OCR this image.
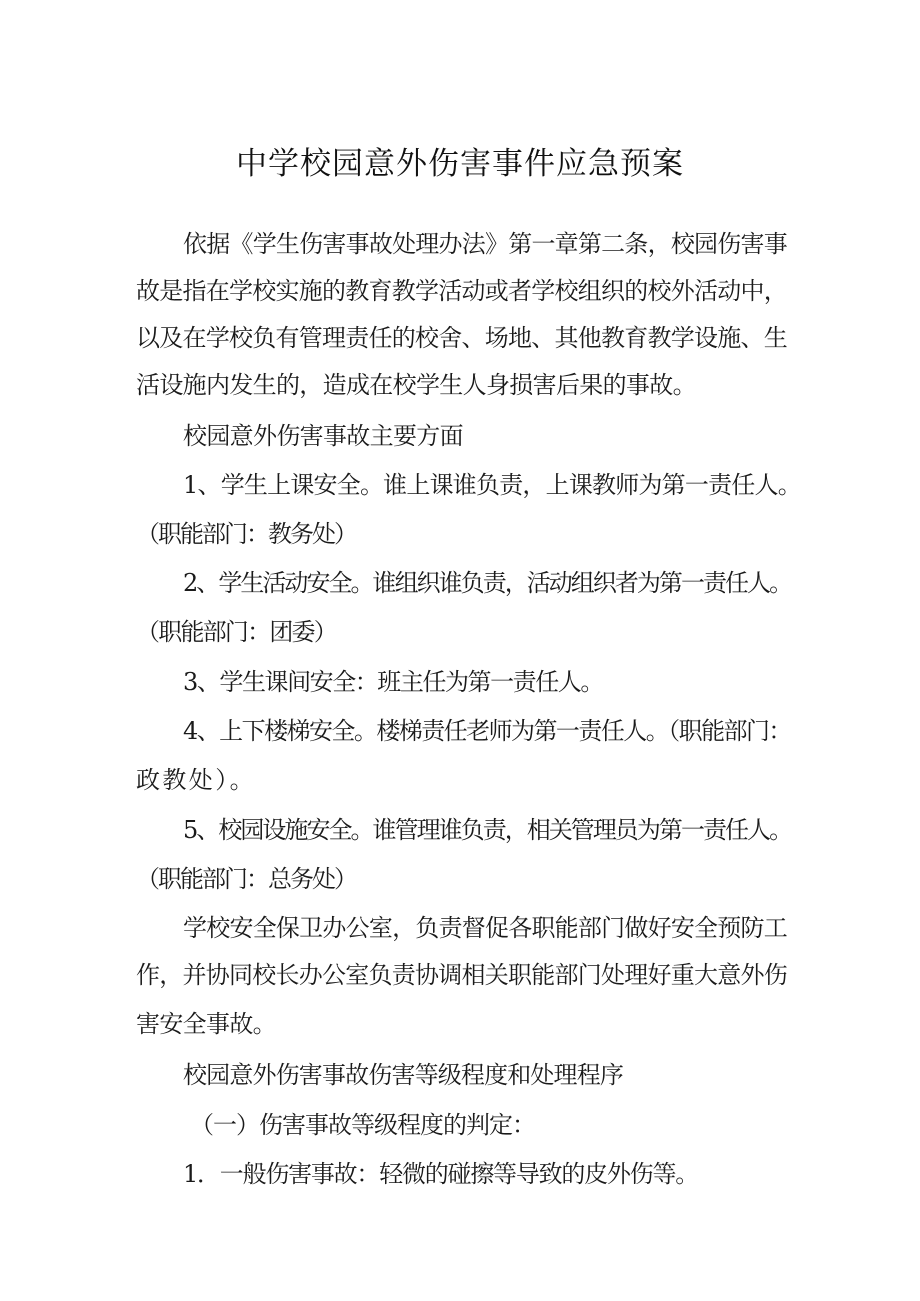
中学校园意外伤害事件应急预案
依据《学生伤害事故处理办法》第一章第二条，校园伤害事
故是指在学校实施的教育教学活动或者学校组织的校外活动中，
以及在学校负有管理责任的校舍、场地、其他教育教学设施、生
活设施内发生的，造成在校学生人身损害后果的事故。
校园意外伤害事故主要方面
1、学生上课安全。谁上课谁负责，上课教师为第一责任人。
（职能部门：教务处）
2、学生活动安全。谁组织谁负责，活动组织者为第一责任人。
（职能部门：团委）
3、学生课间安全：班主任为第一责任人。
4、上下楼梯安全。楼梯责任老师为第一责任人。（职能部门：
政教处）。
5、校园设施安全。谁管理谁负责，相关管理员为第一责任人。
（职能部门：总务处）
学校安全保卫办公室，负责督促各职能部门做好安全预防工
作，并协同校长办公室负责协调相关职能部门处理好重大意外伤
害安全事故。
校园意外伤害事故伤害等级程度和处理程序
（一）伤害事故等级程度的判定：
1．一般伤害事故：轻微的碰擦等导致的皮外伤等。
